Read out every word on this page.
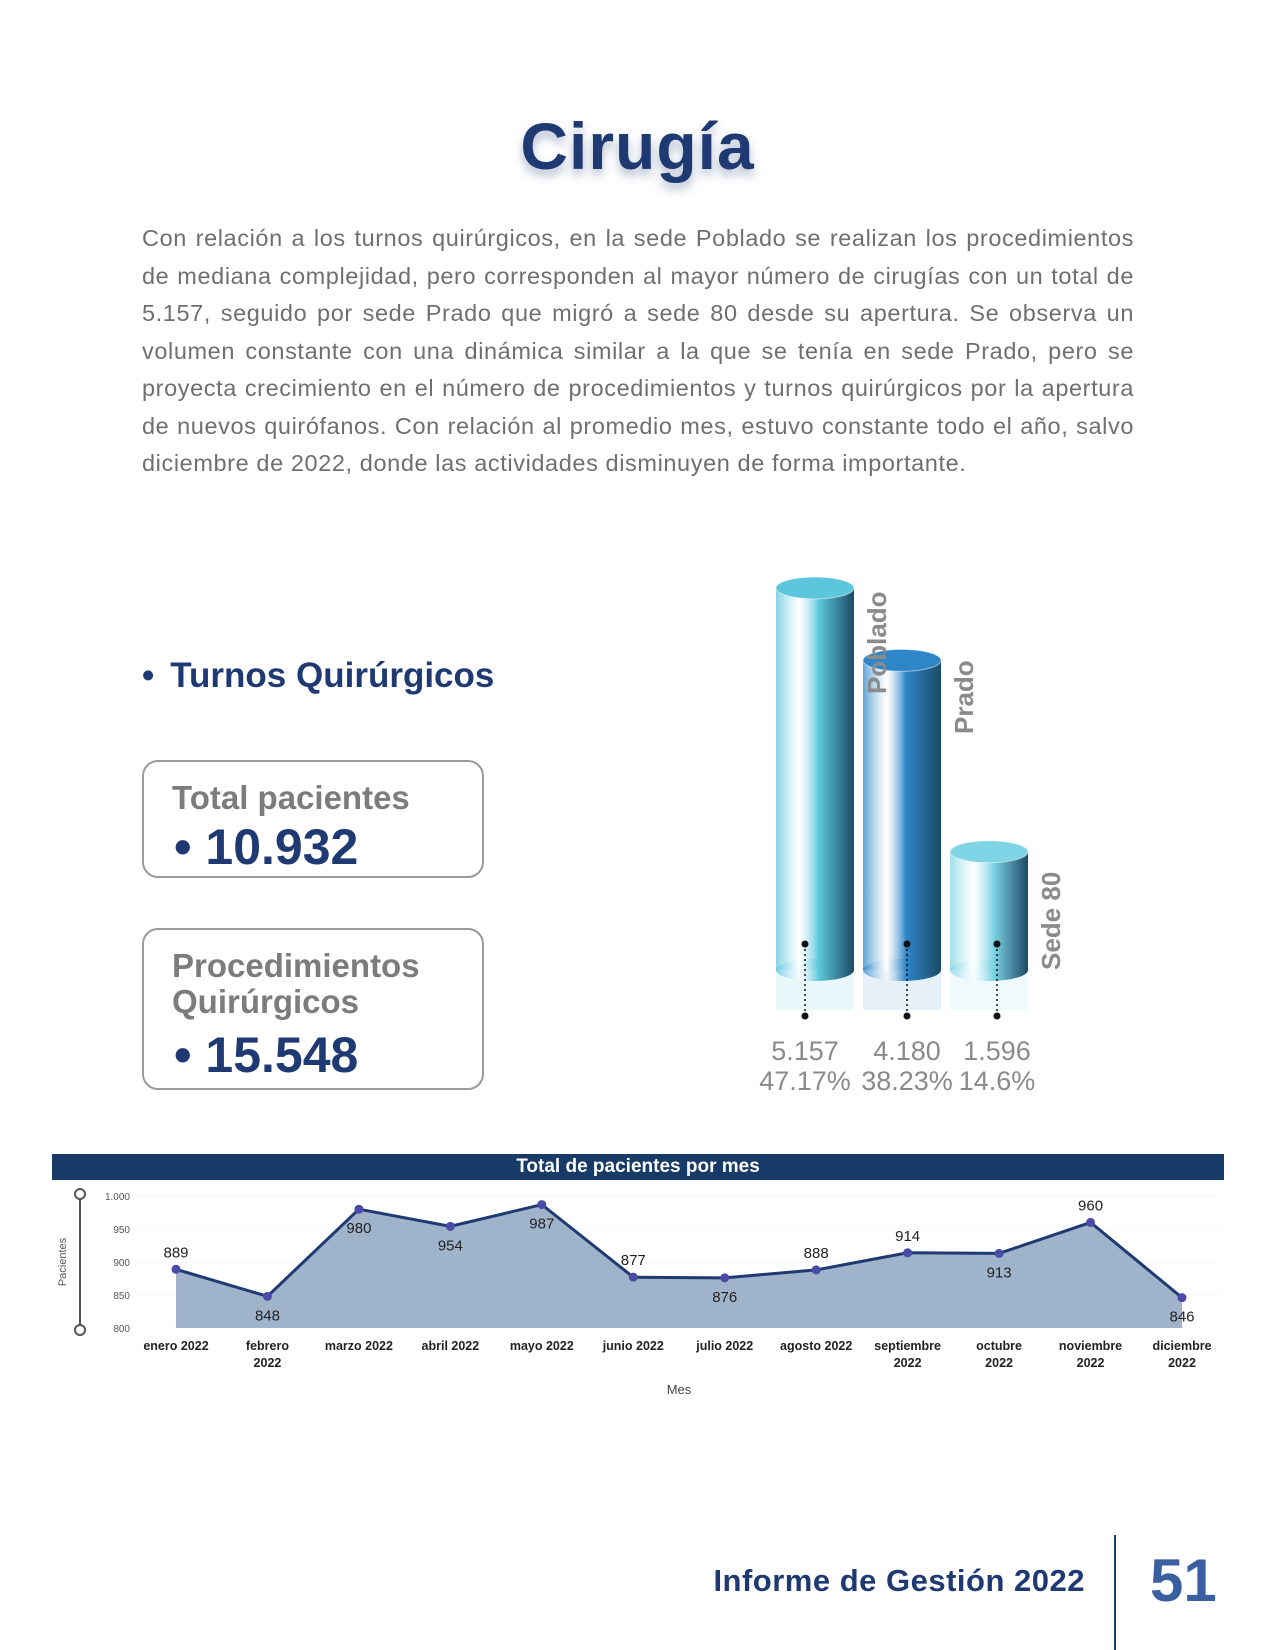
Cirugía
Con relación a los turnos quirúrgicos, en la sede Poblado se realizan los procedimientos de mediana complejidad, pero corresponden al mayor número de cirugías con un total de 5.157, seguido por sede Prado que migró a sede 80 desde su apertura. Se observa un volumen constante con una dinámica similar a la que se tenía en sede Prado, pero se proyecta crecimiento en el número de procedimientos y turnos quirúrgicos por la apertura de nuevos quirófanos. Con relación al promedio mes, estuvo constante todo el año, salvo diciembre de 2022, donde las actividades disminuyen de forma importante.
• Turnos Quirúrgicos
Total pacientes
• 10.932
Procedimientos
Quirúrgicos
• 15.548
Poblado
5.157
47.17%
Prado
4.180
38.23%
Sede 80
1.596
14.6%
Total de pacientes por mes
Pacientes
800
850
900
950
1.000
889
848
980
954
987
877
876
888
914
913
960
846
enero 2022	febrero
2022
marzo 2022 abril 2022 mayo 2022 junio 2022	julio 2022 agosto 2022 septiembre
2022
octubre
2022
noviembre
2022
diciembre
2022
Mes
Informe de Gestión 2022 51
